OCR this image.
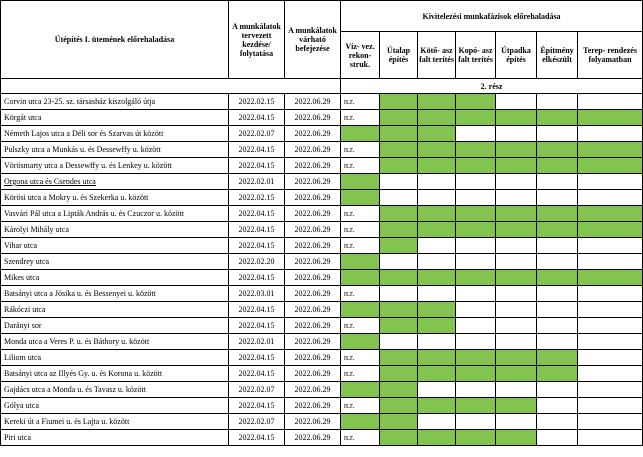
Útépítés I. ütemének előrehaladása	A munkálatok tervezett kezdése/ folytatása	A munkálatok várható befejezése	Kivitelezési munkafázisok előrehaladása						
			Víz- vez. rekon- struk.	Útalap építés	Kötő- asz falt terítés	Kopó- asz falt terítés	Útpadka építés	Építmény elkészült	Terep- rendezés folyamatban
			2. rész						
Corvin utca 23-25. sz. társasház kiszolgáló útja	2022.02.15	2022.06.29	n.r.						
Körgát utca	2022.04.15	2022.06.29	n.r.						
Németh Lajos utca a Déli sor és Szarvas út között	2022.02.07	2022.06.29							
Pulszky utca a Munkás u. és Dessewffy u. között	2022.04.15	2022.06.29	n.r.						
Vörösmarty utca a Dessewffy u. és Lenkey u. között	2022.04.15	2022.06.29	n.r.						
Orgona utca és Csendes utca	2022.02.01	2022.06.29							
Körösi utca a Mokry u. és Szekerka u. között	2022.02.15	2022.06.29							
Vasvári Pál utca a Lipták András u. és Czuczor u. között	2022.04.15	2022.06.29	n.r.						
Károlyi Mihály utca	2022.04.15	2022.06.29	n.r.						
Vihar utca	2022.04.15	2022.06.29	n.r.						
Szendrey utca	2022.02.20	2022.06.29							
Mikes utca	2022.04.15	2022.06.29							
Batsányi utca a Jósika u. és Bessenyei u. között	2022.03.01	2022.06.29	n.r.						
Rákóczi utca	2022.04.15	2022.06.29							
Darányi sor	2022.04.15	2022.06.29	n.r.						
Monda utca a Veres P. u. és Báthory u. között	2022.02.01	2022.06.29							
Liliom utca	2022.04.15	2022.06.29	n.r.						
Batsányi utca az Illyés Gy. u. és Korona u. között	2022.04.15	2022.06.29	n.r.						
Gajdács utca a Monda u. és Tavasz u. között	2022.02.07	2022.06.29							
Gólya utca	2022.04.15	2022.06.29	n.r.						
Kereki út a Fiumei u. és Lajta u. között	2022.02.07	2022.06.29							
Piri utca	2022.04.15	2022.06.29	n.r.						
